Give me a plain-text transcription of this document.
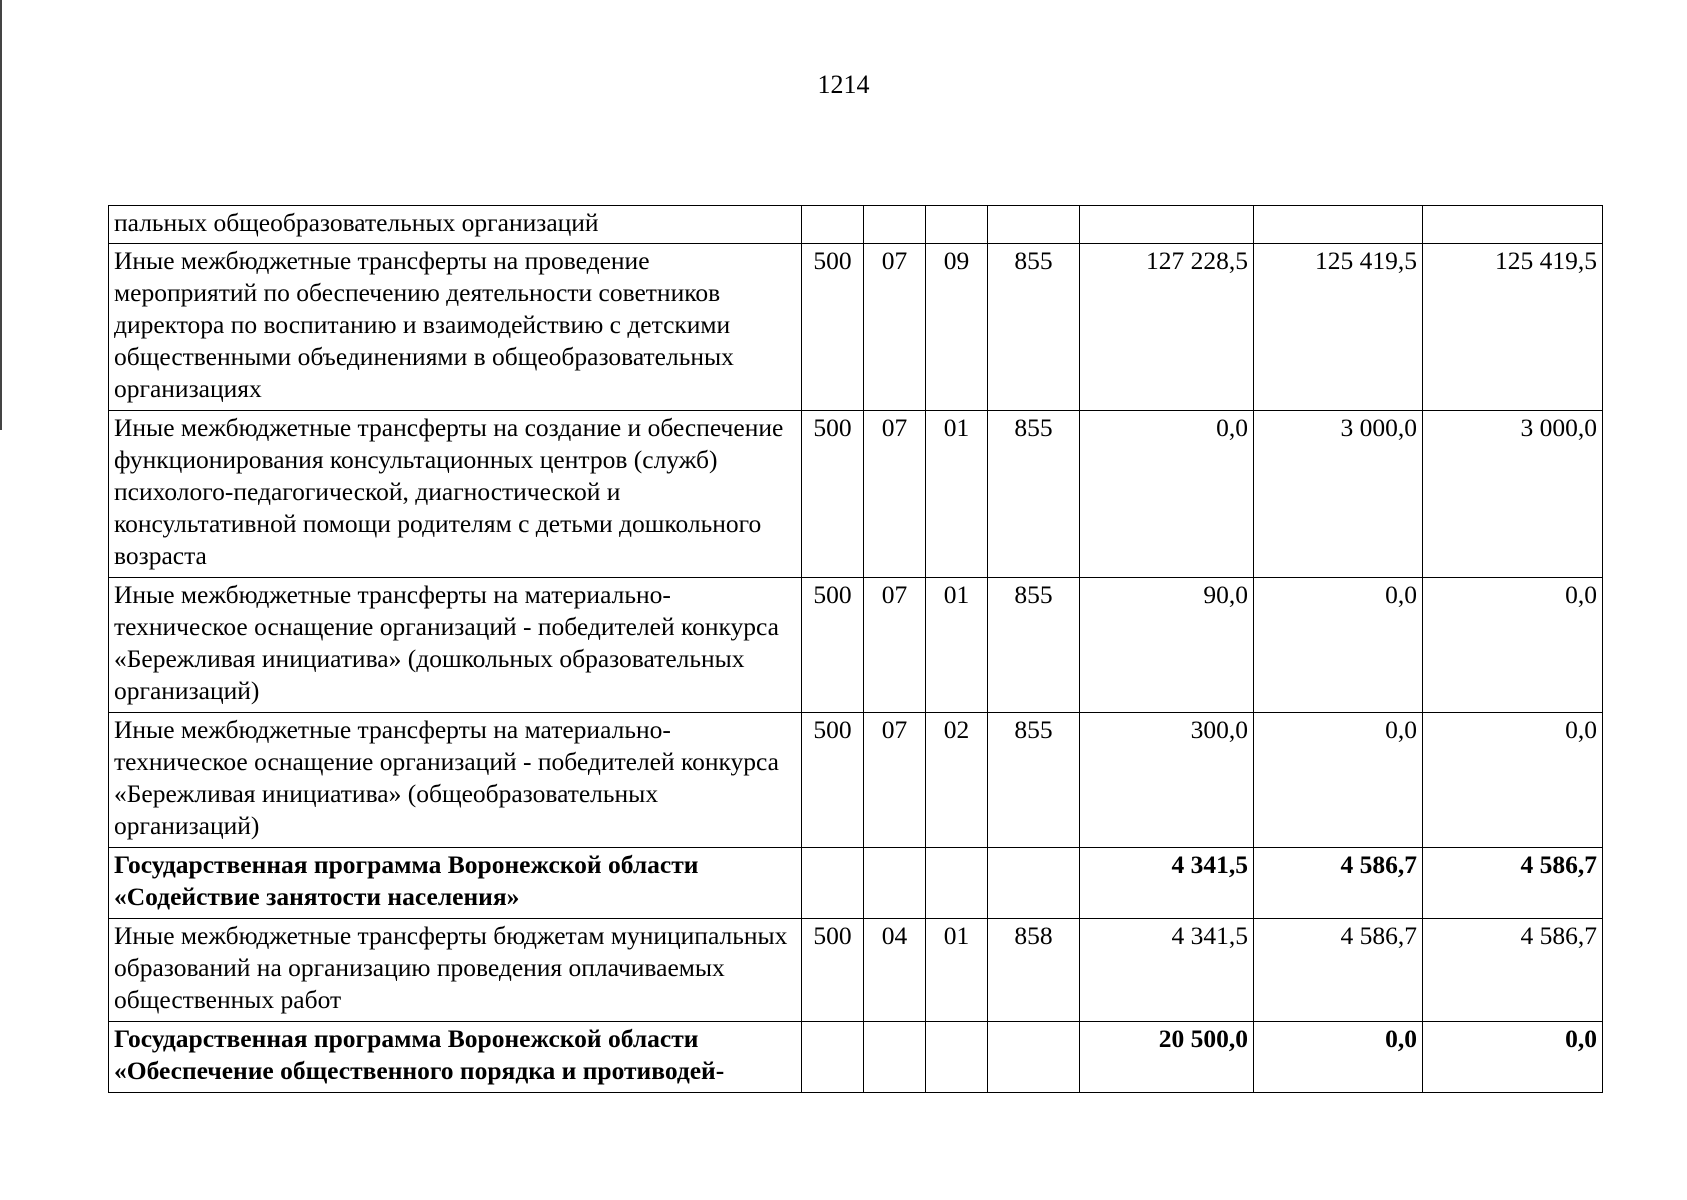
1214
пальных общеобразовательных организаций							
Иные межбюджетные трансферты на проведение мероприятий по обеспечению деятельности советников директора по воспитанию и взаимодействию с детскими общественными объединениями в общеобразовательных организациях	500	07	09	855	127 228,5	125 419,5	125 419,5
Иные межбюджетные трансферты на создание и обеспечение функционирования консультационных центров (служб) психолого-педагогической, диагностической и консультативной помощи родителям с детьми дошкольного возраста	500	07	01	855	0,0	3 000,0	3 000,0
Иные межбюджетные трансферты на материально-техническое оснащение организаций - победителей конкурса «Бережливая инициатива» (дошкольных образовательных организаций)	500	07	01	855	90,0	0,0	0,0
Иные межбюджетные трансферты на материально-техническое оснащение организаций - победителей конкурса «Бережливая инициатива» (общеобразовательных организаций)	500	07	02	855	300,0	0,0	0,0
Государственная программа Воронежской области «Содействие занятости населения»					4 341,5	4 586,7	4 586,7
Иные межбюджетные трансферты бюджетам муниципальных образований на организацию проведения оплачиваемых общественных работ	500	04	01	858	4 341,5	4 586,7	4 586,7
Государственная программа Воронежской области «Обеспечение общественного порядка и противодей-					20 500,0	0,0	0,0
